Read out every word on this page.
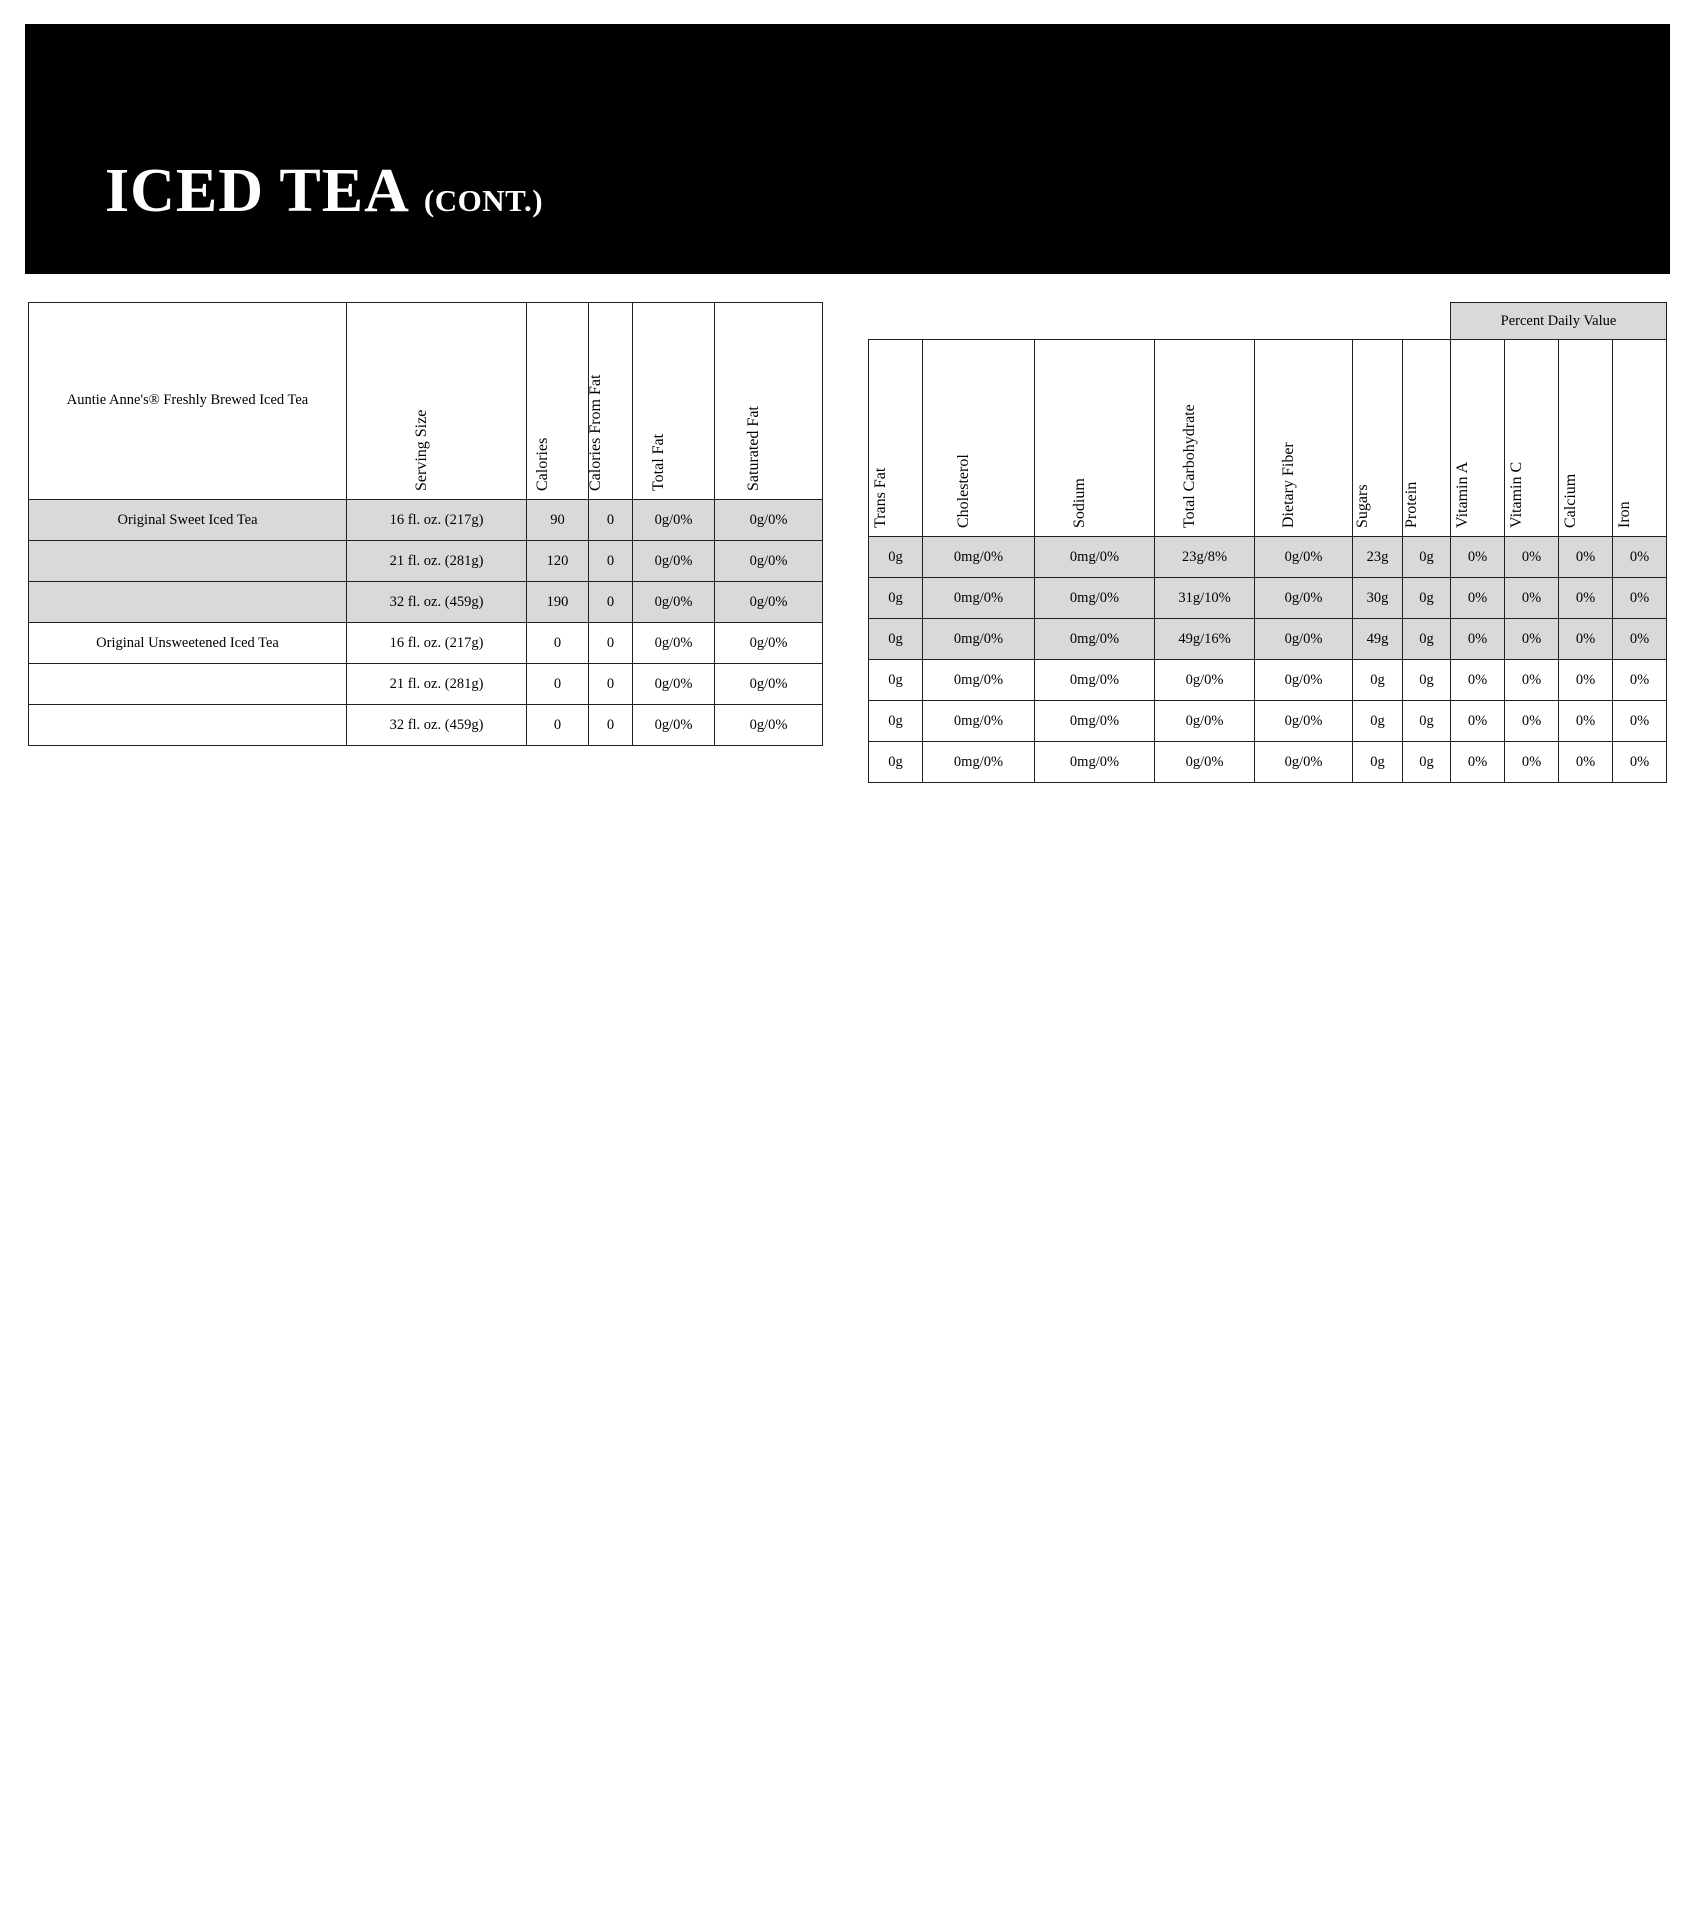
ICED TEA (CONT.)
Auntie Anne's® Freshly Brewed Iced Tea	Serving Size	Calories	Calories From Fat	Total Fat	Saturated Fat

Original Sweet Iced Tea	16 fl. oz. (217g)	90	0	0g/0%	0g/0%
	21 fl. oz. (281g)	120	0	0g/0%	0g/0%
	32 fl. oz. (459g)	190	0	0g/0%	0g/0%
Original Unsweetened Iced Tea	16 fl. oz. (217g)	0	0	0g/0%	0g/0%
	21 fl. oz. (281g)	0	0	0g/0%	0g/0%
	32 fl. oz. (459g)	0	0	0g/0%	0g/0%
							Percent Daily Value			

Trans Fat	Cholesterol	Sodium	Total Carbohydrate	Dietary Fiber	Sugars	Protein	Vitamin A	Vitamin C	Calcium	Iron

0g	0mg/0%	0mg/0%	23g/8%	0g/0%	23g	0g	0%	0%	0%	0%
0g	0mg/0%	0mg/0%	31g/10%	0g/0%	30g	0g	0%	0%	0%	0%
0g	0mg/0%	0mg/0%	49g/16%	0g/0%	49g	0g	0%	0%	0%	0%
0g	0mg/0%	0mg/0%	0g/0%	0g/0%	0g	0g	0%	0%	0%	0%
0g	0mg/0%	0mg/0%	0g/0%	0g/0%	0g	0g	0%	0%	0%	0%
0g	0mg/0%	0mg/0%	0g/0%	0g/0%	0g	0g	0%	0%	0%	0%
